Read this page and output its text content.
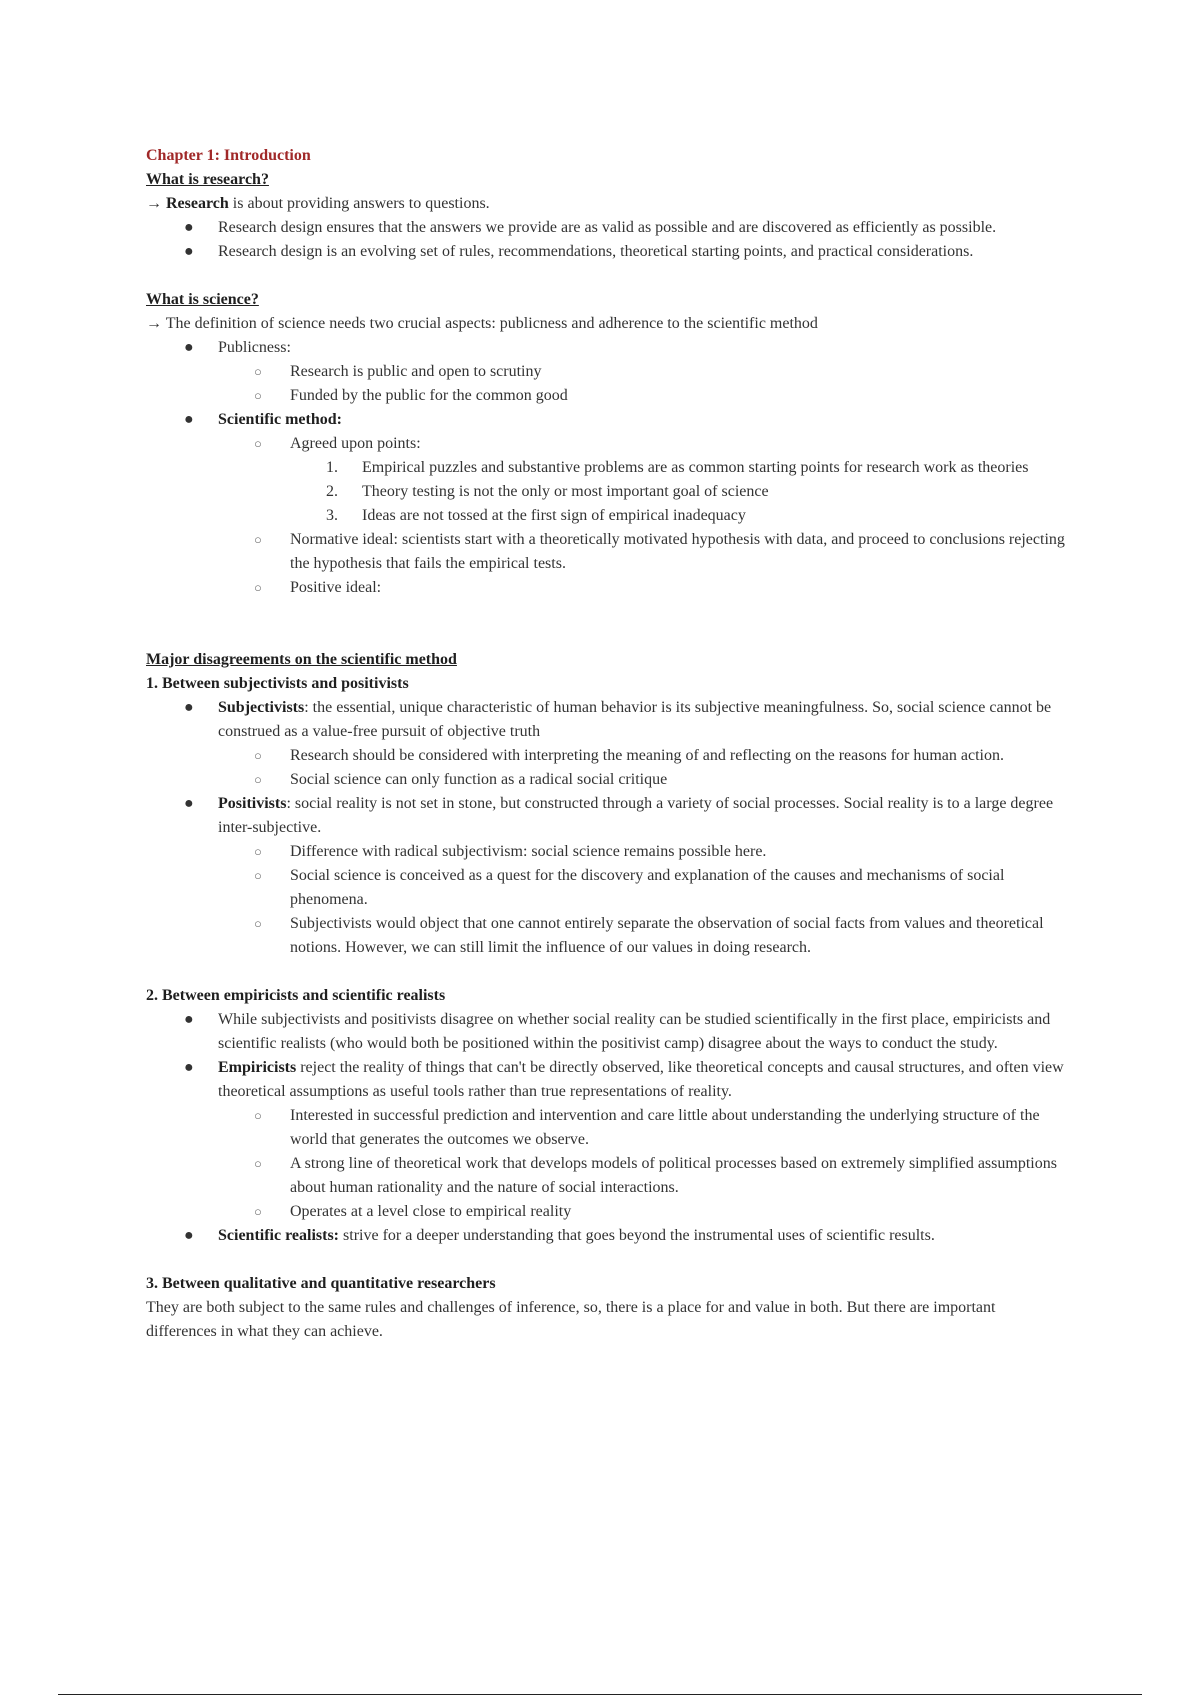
Chapter 1: Introduction

What is research?

→ Research is about providing answers to questions.

● Research design ensures that the answers we provide are as valid as possible and are discovered as efficiently as possible.
● Research design is an evolving set of rules, recommendations, theoretical starting points, and practical considerations.

What is science?

→ The definition of science needs two crucial aspects: publicness and adherence to the scientific method

● Publicness:
○ Research is public and open to scrutiny
○ Funded by the public for the common good
● Scientific method:
○ Agreed upon points:
1. Empirical puzzles and substantive problems are as common starting points for research work as theories
2. Theory testing is not the only or most important goal of science
3. Ideas are not tossed at the first sign of empirical inadequacy
○ Normative ideal: scientists start with a theoretically motivated hypothesis with data, and proceed to conclusions rejecting the hypothesis that fails the empirical tests.
○ Positive ideal:

Major disagreements on the scientific method

1. Between subjectivists and positivists

● Subjectivists: the essential, unique characteristic of human behavior is its subjective meaningfulness. So, social science cannot be construed as a value-free pursuit of objective truth
○ Research should be considered with interpreting the meaning of and reflecting on the reasons for human action.
○ Social science can only function as a radical social critique
● Positivists: social reality is not set in stone, but constructed through a variety of social processes. Social reality is to a large degree inter-subjective.
○ Difference with radical subjectivism: social science remains possible here.
○ Social science is conceived as a quest for the discovery and explanation of the causes and mechanisms of social phenomena.
○ Subjectivists would object that one cannot entirely separate the observation of social facts from values and theoretical notions. However, we can still limit the influence of our values in doing research.

2. Between empiricists and scientific realists

● While subjectivists and positivists disagree on whether social reality can be studied scientifically in the first place, empiricists and scientific realists (who would both be positioned within the positivist camp) disagree about the ways to conduct the study.
● Empiricists reject the reality of things that can't be directly observed, like theoretical concepts and causal structures, and often view theoretical assumptions as useful tools rather than true representations of reality.
○ Interested in successful prediction and intervention and care little about understanding the underlying structure of the world that generates the outcomes we observe.
○ A strong line of theoretical work that develops models of political processes based on extremely simplified assumptions about human rationality and the nature of social interactions.
○ Operates at a level close to empirical reality
● Scientific realists: strive for a deeper understanding that goes beyond the instrumental uses of scientific results.

3. Between qualitative and quantitative researchers

They are both subject to the same rules and challenges of inference, so, there is a place for and value in both. But there are important differences in what they can achieve.
